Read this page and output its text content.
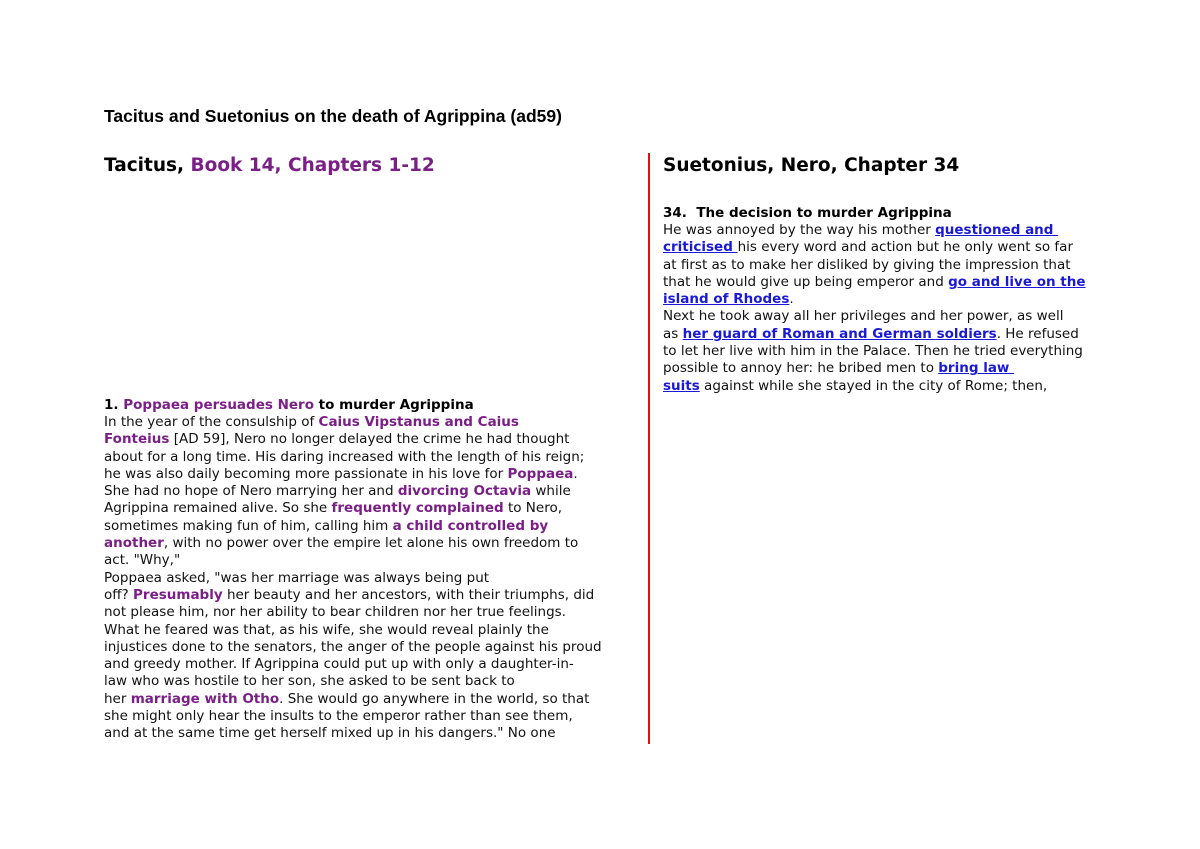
Tacitus and Suetonius on the death of Agrippina (ad59)
Tacitus, Book 14, Chapters 1-12
1. Poppaea persuades Nero to murder Agrippina
In the year of the consulship of Caius Vipstanus and Caius
Fonteius [AD 59], Nero no longer delayed the crime he had thought
about for a long time. His daring increased with the length of his reign;
he was also daily becoming more passionate in his love for Poppaea.
She had no hope of Nero marrying her and divorcing Octavia while
Agrippina remained alive. So she frequently complained to Nero,
sometimes making fun of him, calling him a child controlled by
another, with no power over the empire let alone his own freedom to
act. "Why,"
Poppaea asked, "was her marriage was always being put
off? Presumably her beauty and her ancestors, with their triumphs, did
not please him, nor her ability to bear children nor her true feelings.
What he feared was that, as his wife, she would reveal plainly the
injustices done to the senators, the anger of the people against his proud
and greedy mother. If Agrippina could put up with only a daughter-in-
law who was hostile to her son, she asked to be sent back to
her marriage with Otho. She would go anywhere in the world, so that
she might only hear the insults to the emperor rather than see them,
and at the same time get herself mixed up in his dangers." No one
Suetonius, Nero, Chapter 34
34.  The decision to murder Agrippina
He was annoyed by the way his mother questioned and
criticised his every word and action but he only went so far
at first as to make her disliked by giving the impression that
that he would give up being emperor and go and live on the
island of Rhodes.
Next he took away all her privileges and her power, as well
as her guard of Roman and German soldiers. He refused
to let her live with him in the Palace. Then he tried everything
possible to annoy her: he bribed men to bring law
suits against while she stayed in the city of Rome; then,
